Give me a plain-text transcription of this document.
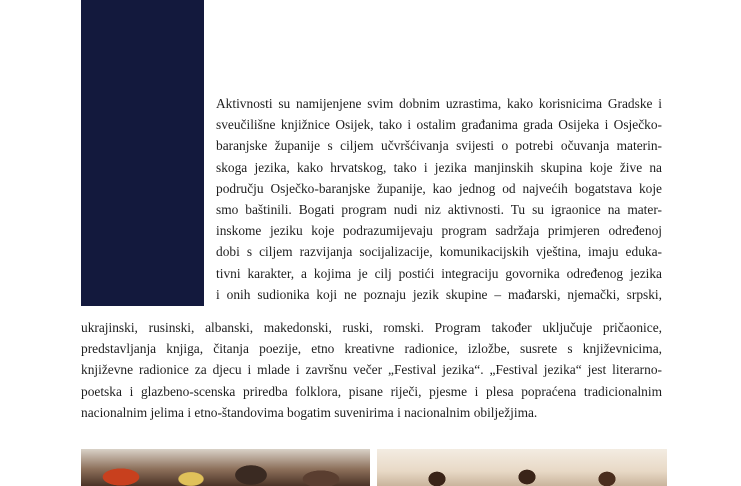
Aktivnosti su namijenjene svim dobnim uzrastima, kako korisnicima Gradske i
sveučilišne knjižnice Osijek, tako i ostalim građanima grada Osijeka i Osječko-
baranjske županije s ciljem učvršćivanja svijesti o potrebi očuvanja materin-
skoga jezika, kako hrvatskog, tako i jezika manjinskih skupina koje žive na
području Osječko-baranjske županije, kao jednog od najvećih bogatstava koje
smo baštinili. Bogati program nudi niz aktivnosti. Tu su igraonice na mater-
inskome jeziku koje podrazumijevaju program sadržaja primjeren određenoj
dobi s ciljem razvijanja socijalizacije, komunikacijskih vještina, imaju eduka-
tivni karakter, a kojima je cilj postići integraciju govornika određenog jezika
i onih sudionika koji ne poznaju jezik skupine – mađarski, njemački, srpski,
ukrajinski, rusinski, albanski, makedonski, ruski, romski. Program također uključuje pričaonice,
predstavljanja knjiga, čitanja poezije, etno kreativne radionice, izložbe, susrete s književnicima,
književne radionice za djecu i mlade i završnu večer „Festival jezika“. „Festival jezika“ jest literarno-
poetska i glazbeno-scenska priredba folklora, pisane riječi, pjesme i plesa popraćena tradicionalnim
nacionalnim jelima i etno-štandovima bogatim suvenirima i nacionalnim obilježjima.
